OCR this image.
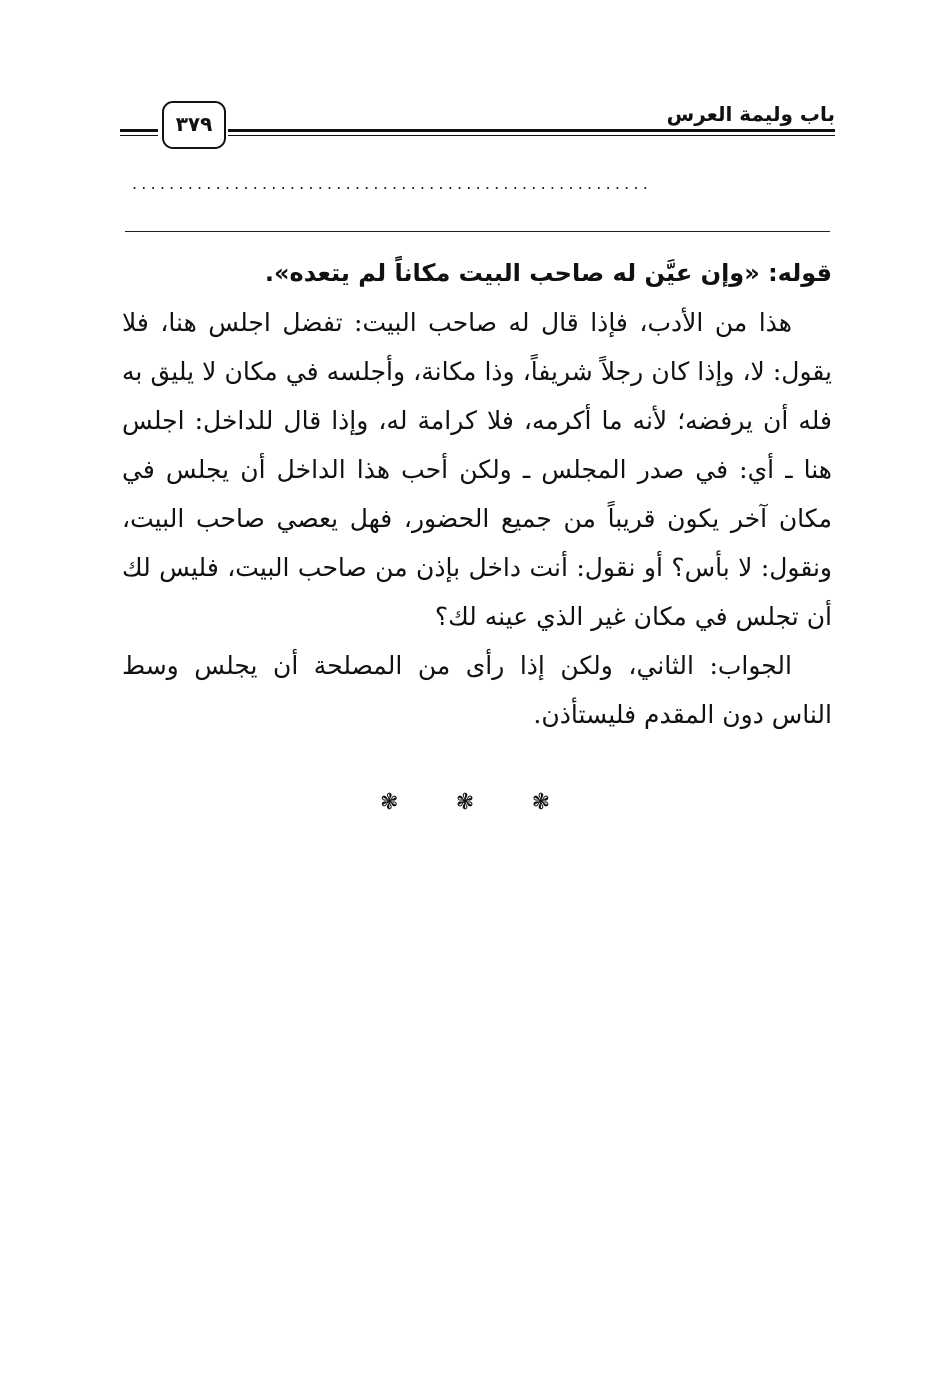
٣٧٩	باب وليمة العرس
........................................................

قوله: «وإن عيَّن له صاحب البيت مكاناً لم يتعده».

هذا من الأدب، فإذا قال له صاحب البيت: تفضل اجلس هنا، فلا يقول: لا، وإذا كان رجلاً شريفاً، وذا مكانة، وأجلسه في مكان لا يليق به فله أن يرفضه؛ لأنه ما أكرمه، فلا كرامة له، وإذا قال للداخل: اجلس هنا ـ أي: في صدر المجلس ـ ولكن أحب هذا الداخل أن يجلس في مكان آخر يكون قريباً من جميع الحضور، فهل يعصي صاحب البيت، ونقول: لا بأس؟ أو نقول: أنت داخل بإذن من صاحب البيت، فليس لك أن تجلس في مكان غير الذي عينه لك؟

الجواب: الثاني، ولكن إذا رأى من المصلحة أن يجلس وسط الناس دون المقدم فليستأذن.

❃	❃	❃
